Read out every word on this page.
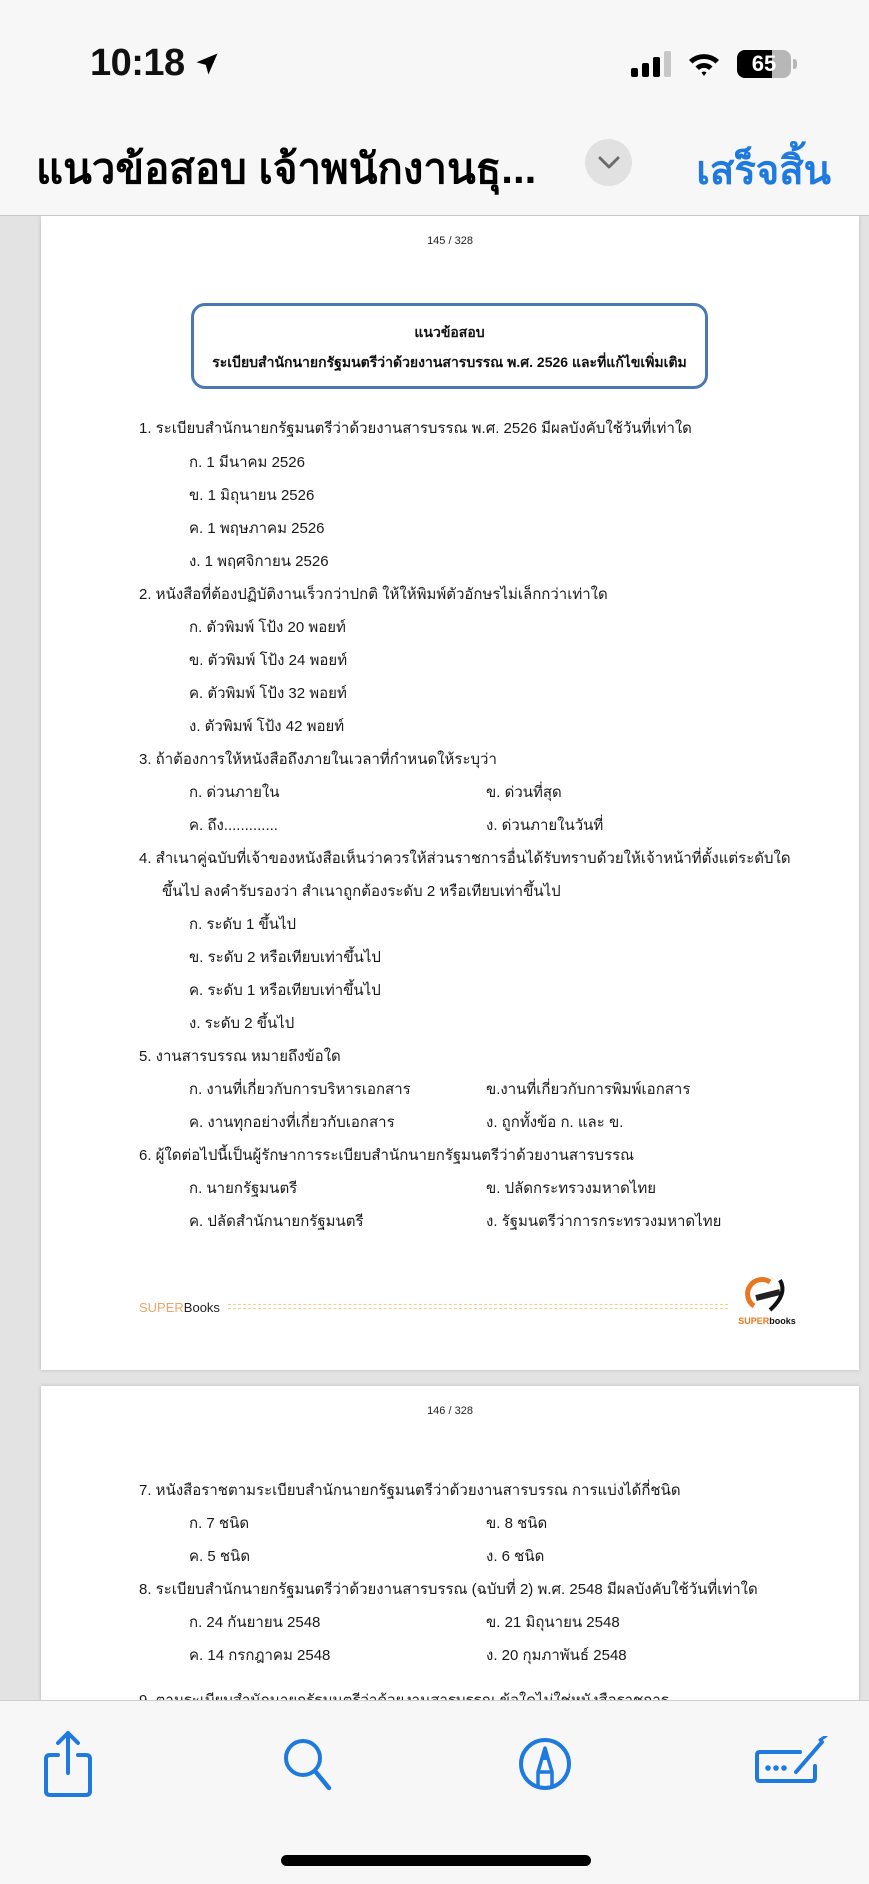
10:18	65
แนวข้อสอบ เจ้าพนักงานธุ...	เสร็จสิ้น
145 / 328
แนวข้อสอบ
ระเบียบสำนักนายกรัฐมนตรีว่าด้วยงานสารบรรณ พ.ศ. 2526 และที่แก้ไขเพิ่มเติม
1. ระเบียบสำนักนายกรัฐมนตรีว่าด้วยงานสารบรรณ พ.ศ. 2526 มีผลบังคับใช้วันที่เท่าใด
ก. 1 มีนาคม 2526
ข. 1 มิถุนายน 2526
ค. 1 พฤษภาคม 2526
ง. 1 พฤศจิกายน 2526
2. หนังสือที่ต้องปฏิบัติงานเร็วกว่าปกติ ให้ให้พิมพ์ตัวอักษรไม่เล็กกว่าเท่าใด
ก. ตัวพิมพ์ โป้ง 20 พอยท์
ข. ตัวพิมพ์ โป้ง 24 พอยท์
ค. ตัวพิมพ์ โป้ง 32 พอยท์
ง. ตัวพิมพ์ โป้ง 42 พอยท์
3. ถ้าต้องการให้หนังสือถึงภายในเวลาที่กำหนดให้ระบุว่า
ก. ด่วนภายใน	ข. ด่วนที่สุด
ค. ถึง.............	ง. ด่วนภายในวันที่
4. สำเนาคู่ฉบับที่เจ้าของหนังสือเห็นว่าควรให้ส่วนราชการอื่นได้รับทราบด้วยให้เจ้าหน้าที่ตั้งแต่ระดับใด
ขึ้นไป ลงคำรับรองว่า สำเนาถูกต้องระดับ 2 หรือเทียบเท่าขึ้นไป
ก. ระดับ 1 ขึ้นไป
ข. ระดับ 2 หรือเทียบเท่าขึ้นไป
ค. ระดับ 1 หรือเทียบเท่าขึ้นไป
ง. ระดับ 2 ขึ้นไป
5. งานสารบรรณ หมายถึงข้อใด
ก. งานที่เกี่ยวกับการบริหารเอกสาร	ข.งานที่เกี่ยวกับการพิมพ์เอกสาร
ค. งานทุกอย่างที่เกี่ยวกับเอกสาร	ง. ถูกทั้งข้อ ก. และ ข.
6. ผู้ใดต่อไปนี้เป็นผู้รักษาการระเบียบสำนักนายกรัฐมนตรีว่าด้วยงานสารบรรณ
ก. นายกรัฐมนตรี	ข. ปลัดกระทรวงมหาดไทย
ค. ปลัดสำนักนายกรัฐมนตรี	ง. รัฐมนตรีว่าการกระทรวงมหาดไทย
SUPER Books
SUPERbooks
146 / 328
7. หนังสือราชตามระเบียบสำนักนายกรัฐมนตรีว่าด้วยงานสารบรรณ การแบ่งได้กี่ชนิด
ก. 7 ชนิด	ข. 8 ชนิด
ค. 5 ชนิด	ง. 6 ชนิด
8. ระเบียบสำนักนายกรัฐมนตรีว่าด้วยงานสารบรรณ (ฉบับที่ 2) พ.ศ. 2548 มีผลบังคับใช้วันที่เท่าใด
ก. 24 กันยายน 2548	ข. 21 มิถุนายน 2548
ค. 14 กรกฎาคม 2548	ง. 20 กุมภาพันธ์ 2548
